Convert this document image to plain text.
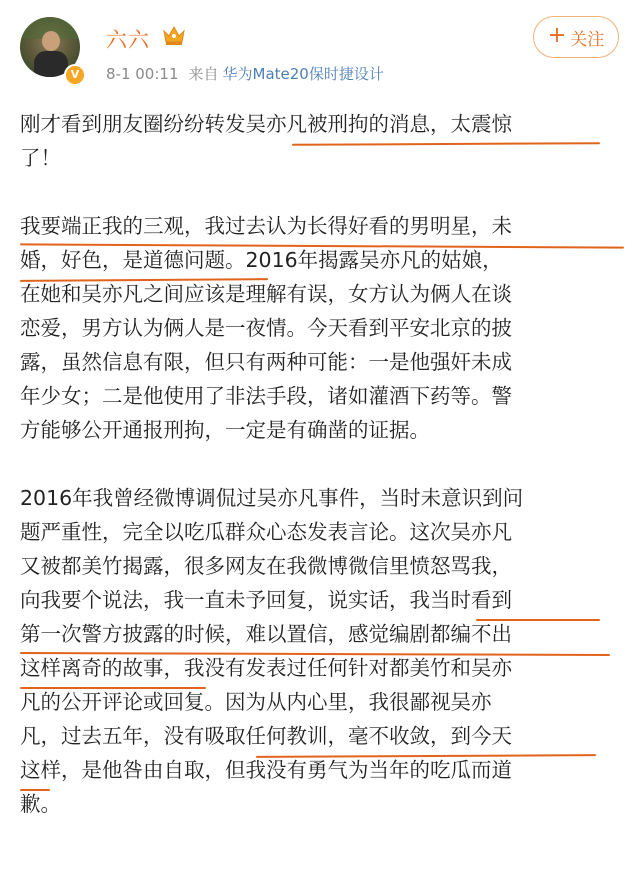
V
六六
8-1 00:11 来自 华为Mate20保时捷设计
+ 关注
刚才看到朋友圈纷纷转发吴亦凡被刑拘的消息，太震惊
了！
我要端正我的三观，我过去认为长得好看的男明星，未
婚，好色，是道德问题。2016年揭露吴亦凡的姑娘，
在她和吴亦凡之间应该是理解有误，女方认为俩人在谈
恋爱，男方认为俩人是一夜情。今天看到平安北京的披
露，虽然信息有限，但只有两种可能：一是他强奸未成
年少女；二是他使用了非法手段，诸如灌酒下药等。警
方能够公开通报刑拘，一定是有确凿的证据。
2016年我曾经微博调侃过吴亦凡事件，当时未意识到问
题严重性，完全以吃瓜群众心态发表言论。这次吴亦凡
又被都美竹揭露，很多网友在我微博微信里愤怒骂我，
向我要个说法，我一直未予回复，说实话，我当时看到
第一次警方披露的时候，难以置信，感觉编剧都编不出
这样离奇的故事，我没有发表过任何针对都美竹和吴亦
凡的公开评论或回复。因为从内心里，我很鄙视吴亦
凡，过去五年，没有吸取任何教训，毫不收敛，到今天
这样，是他咎由自取，但我没有勇气为当年的吃瓜而道
歉。
